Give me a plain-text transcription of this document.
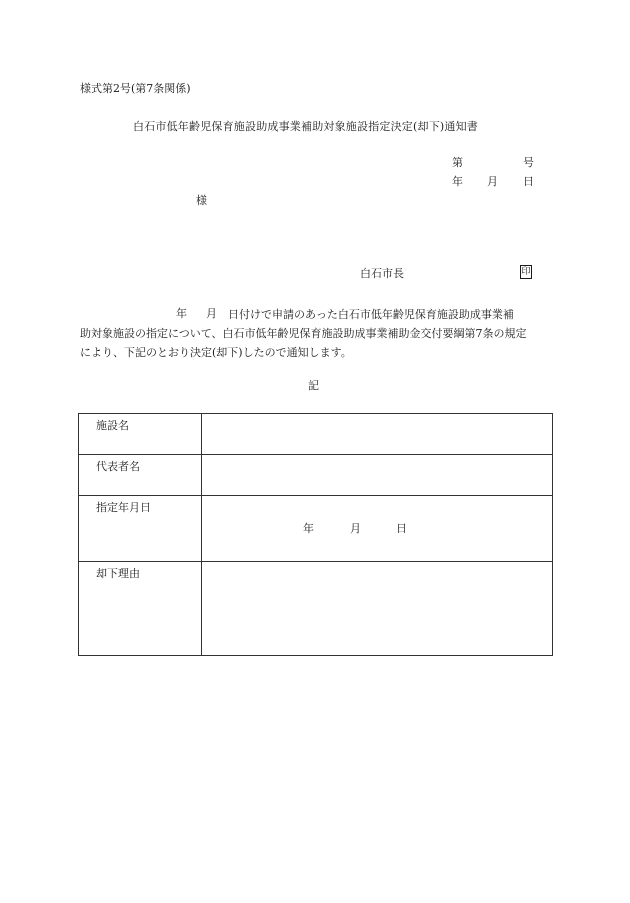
様式第2号(第7条関係)
白石市低年齢児保育施設助成事業補助対象施設指定決定(却下)通知書
第	号
年 月 日
様
白石市長	印
年 月	日付けで申請のあった白石市低年齢児保育施設助成事業補
助対象施設の指定について、白石市低年齢児保育施設助成事業補助金交付要綱第7条の規定
により、下記のとおり決定(却下)したので通知します。
記
施設名	
代表者名	
指定年月日	年 月 日

却下理由	
